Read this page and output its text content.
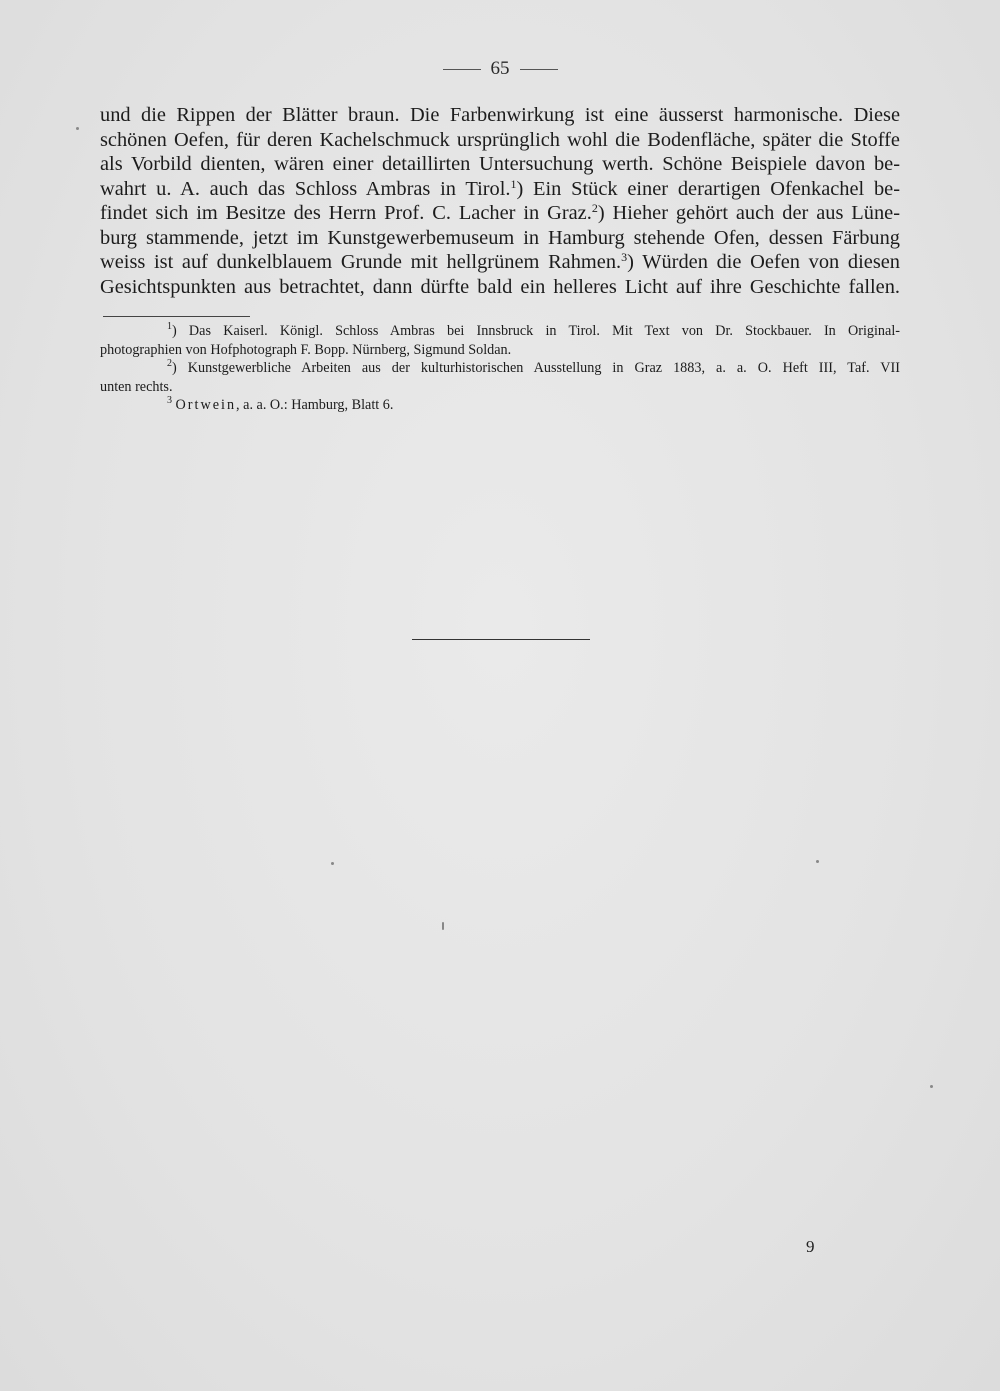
65

und die Rippen der Blätter braun. Die Farbenwirkung ist eine äusserst harmonische. Diese

schönen Oefen, für deren Kachelschmuck ursprünglich wohl die Bodenfläche, später die Stoffe

als Vorbild dienten, wären einer detaillirten Untersuchung werth. Schöne Beispiele davon be-

wahrt u. A. auch das Schloss Ambras in Tirol.$^1$) Ein Stück einer derartigen Ofenkachel be-

findet sich im Besitze des Herrn Prof. C. Lacher in Graz.$^2$) Hieher gehört auch der aus Lüne-

burg stammende, jetzt im Kunstgewerbemuseum in Hamburg stehende Ofen, dessen Färbung

weiss ist auf dunkelblauem Grunde mit hellgrünem Rahmen.$^3$) Würden die Oefen von diesen

Gesichtspunkten aus betrachtet, dann dürfte bald ein helleres Licht auf ihre Geschichte fallen.

$^1$) Das Kaiserl. Königl. Schloss Ambras bei Innsbruck in Tirol. Mit Text von Dr. Stockbauer. In Original-

photographien von Hofphotograph F. Bopp. Nürnberg, Sigmund Soldan.

$^2$) Kunstgewerbliche Arbeiten aus der kulturhistorischen Ausstellung in Graz 1883, a. a. O. Heft III, Taf. VII

unten rechts.

$^3$ Ortwein, a. a. O.: Hamburg, Blatt 6.

9
